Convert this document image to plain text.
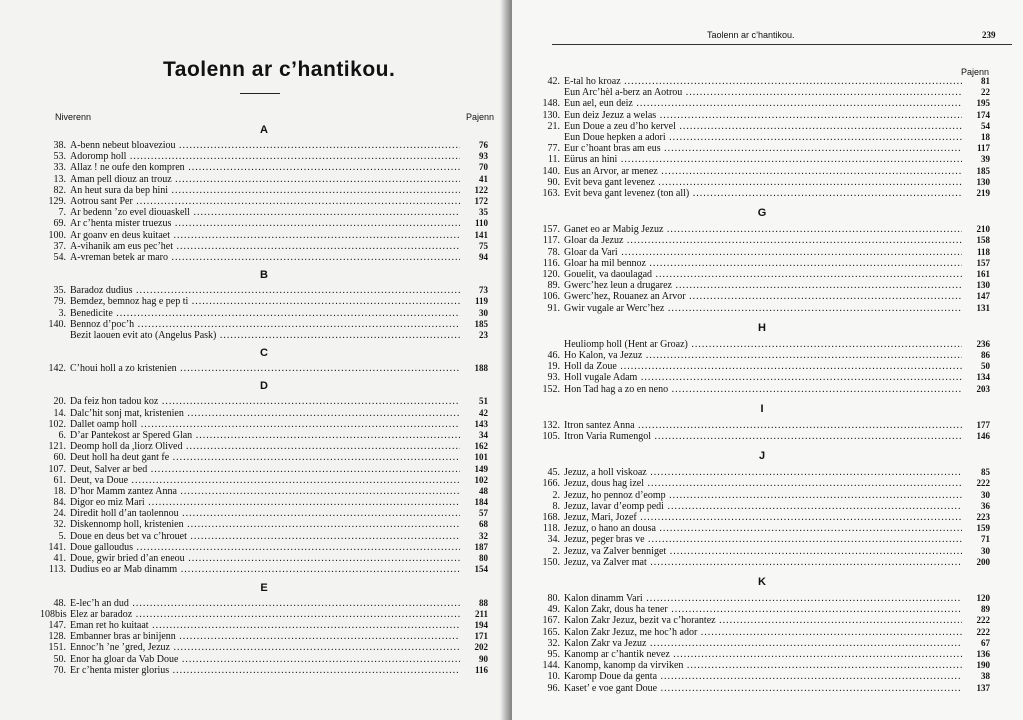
Taolenn ar c’hantikou.
Niverenn	Pajenn
A
38. A-benn nebeut bloaveziou .....	76
53. Adoromp holl .....	93
33. Allaz ! ne oufe den kompren .....	70
13. Aman pell diouz an trouz .....	41
82. An heut sura da bep hini .....	122
129. Aotrou sant Per .....	172
7. Ar bedenn ’zo evel diouaskell .....	35
69. Ar c’henta mister truezus .....	110
100. Ar goanv en deus kuitaet .....	141
37. A-vihanik am eus pec’het .....	75
54. A-vreman betek ar maro .....	94
B
35. Baradoz dudius .....	73
79. Bemdez, bemnoz hag e pep ti .....	119
3. Benedicite .....	30
140. Bennoz d’poc’h .....	185
Bezit laouen evit ato (Angelus Pask) .....	23
C
142. C’houi holl a zo kristenien .....	188
D
20. Da feiz hon tadou koz .....	51
14. Dalc’hit sonj mat, kristenien .....	42
102. Dallet oamp holl .....	143
6. D’ar Pantekost ar Spered Glan .....	34
121. Deomp holl da ,liorz Olived .....	162
60. Deut holl ha deut gant fe .....	101
107. Deut, Salver ar bed .....	149
61. Deut, va Doue .....	102
18. D’hor Mamm zantez Anna .....	48
84. Digor eo miz Mari .....	184
24. Diredit holl d’an taolennou .....	57
32. Diskennomp holl, kristenien .....	68
5. Doue en deus bet va c’hrouet .....	32
141. Doue galloudus .....	187
41. Doue, gwir bried d’an eneou .....	80
113. Dudius eo ar Mab dinamm .....	154
E
48. E-lec’h an dud .....	88
108bis Elez ar baradoz .....	211
147. Eman ret ho kuitaat .....	194
128. Embanner bras ar binijenn .....	171
151. Ennoc’h ’ne ’gred, Jezuz .....	202
50. Enor ha gloar da Vab Doue .....	90
70. Er c’henta mister glorius .....	116
Taolenn ar c’hantikou.	239
Pajenn
42. E-tal ho kroaz .....	81
Eun Arc’hèl a-berz an Aotrou .....	22
148. Eun ael, eun deiz .....	195
130. Eun deiz Jezuz a welas .....	174
21. Eun Doue a zeu d’ho kervel .....	54
Eun Doue hepken a adori .....	18
77. Eur c’hoant bras am eus .....	117
11. Eürus an hini .....	39
140. Eus an Arvor, ar menez .....	185
90. Evit beva gant levenez .....	130
163. Evit beva gant levenez (ton all) .....	219
G
157. Ganet eo ar Mabig Jezuz .....	210
117. Gloar da Jezuz .....	158
78. Gloar da Vari .....	118
116. Gloar ha mil bennoz .....	157
120. Gouelit, va daoulagad .....	161
89. Gwerc’hez leun a drugarez .....	130
106. Gwerc’hez, Rouanez an Arvor .....	147
91. Gwir vugale ar Werc’hez .....	131
H
Heuliomp holl (Hent ar Groaz) .....	236
46. Ho Kalon, va Jezuz .....	86
19. Holl da Zoue .....	50
93. Holl vugale Adam .....	134
152. Hon Tad hag a zo en neno .....	203
I
132. Itron santez Anna .....	177
105. Itron Varia Rumengol .....	146
J
45. Jezuz, a holl viskoaz .....	85
166. Jezuz, dous hag izel .....	222
2. Jezuz, ho pennoz d’eomp .....	30
8. Jezuz, lavar d’eomp pedi .....	36
168. Jezuz, Mari, Jozef .....	223
118. Jezuz, o hano an dousa .....	159
34. Jezuz, peger bras ve .....	71
2. Jezuz, va Zalver benniget .....	30
150. Jezuz, va Zalver mat .....	200
K
80. Kalon dinamm Vari .....	120
49. Kalon Zakr, dous ha tener .....	89
167. Kalon Zakr Jezuz, bezit va c’horantez .....	222
165. Kalon Zakr Jezuz, me hoc’h ador .....	222
32. Kalon Zakr va Jezuz .....	67
95. Kanomp ar c’hantik nevez .....	136
144. Kanomp, kanomp da virviken .....	190
10. Karomp Doue da genta .....	38
96. Kaset’ e voe gant Doue .....	137
